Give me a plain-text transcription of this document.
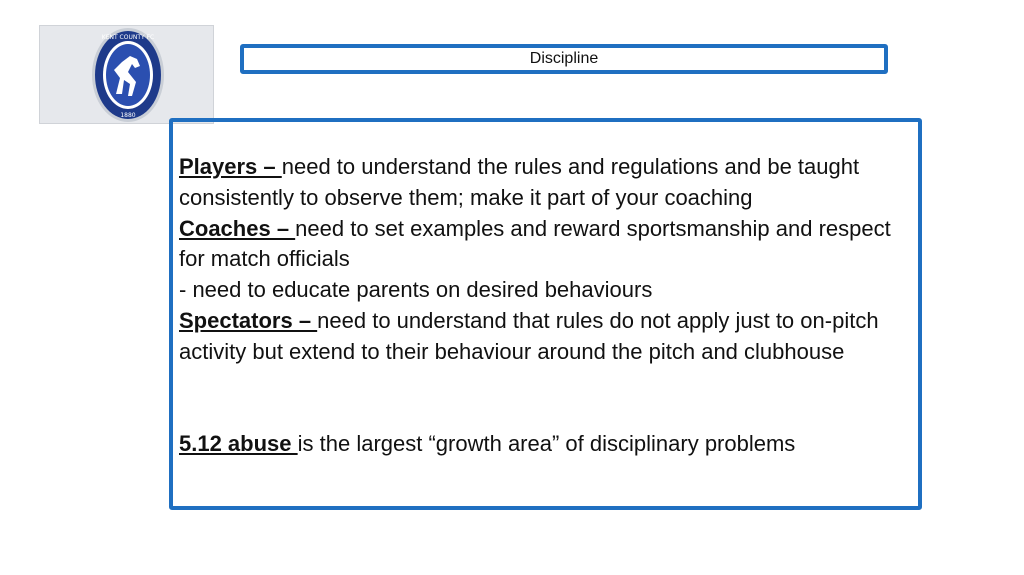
KENT COUNTY FC
1880
Discipline

Players – need to understand the rules and regulations and be taught consistently to observe them; make it part of your coaching

Coaches – need to set examples and reward sportsmanship and respect for match officials

- need to educate parents on desired behaviours

Spectators – need to understand that rules do not apply just to on-pitch activity but extend to their behaviour around the pitch and clubhouse

5.12 abuse is the largest “growth area” of disciplinary problems
